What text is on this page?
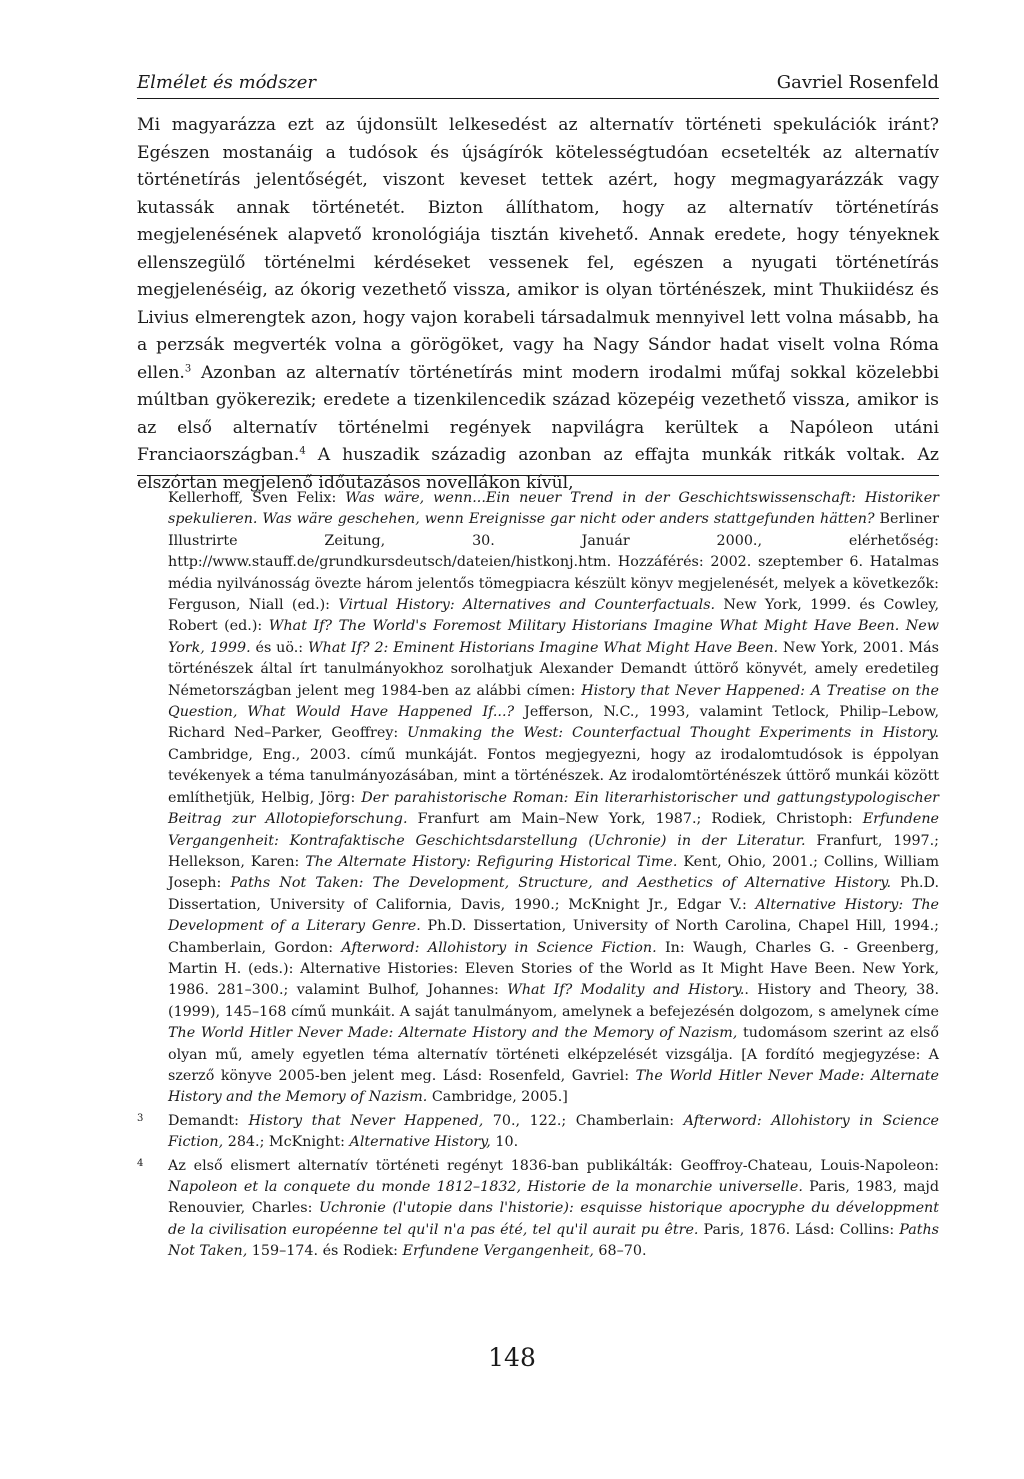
Elmélet és módszer	Gavriel Rosenfeld
Mi magyarázza ezt az újdonsült lelkesedést az alternatív történeti spekulációk iránt? Egészen mostanáig a tudósok és újságírók kötelességtudóan ecsetelték az alternatív történetírás jelentőségét, viszont keveset tettek azért, hogy megmagyarázzák vagy kutassák annak történetét. Bizton állíthatom, hogy az alternatív történetírás megjelenésének alapvető kronológiája tisztán kivehető. Annak eredete, hogy tényeknek ellenszegülő történelmi kérdéseket vessenek fel, egészen a nyugati történetírás megjelenéséig, az ókorig vezethető vissza, amikor is olyan történészek, mint Thukiidész és Livius elmerengtek azon, hogy vajon korabeli társadalmuk mennyivel lett volna másabb, ha a perzsák megverték volna a görögöket, vagy ha Nagy Sándor hadat viselt volna Róma ellen.$^3$ Azonban az alternatív történetírás mint modern irodalmi műfaj sokkal közelebbi múltban gyökerezik; eredete a tizenkilencedik század közepéig vezethető vissza, amikor is az első alternatív történelmi regények napvilágra kerültek a Napóleon utáni Franciaországban.$^4$ A huszadik századig azonban az effajta munkák ritkák voltak. Az elszórtan megjelenő időutazásos novellákon kívül,
Kellerhoff, Sven Felix: Was wäre, wenn...Ein neuer Trend in der Geschichtswissenschaft: Historiker spekulieren. Was wäre geschehen, wenn Ereignisse gar nicht oder anders stattgefunden hätten? Berliner Illustrirte Zeitung, 30. Január 2000., elérhetőség: http://www.stauff.de/grundkursdeutsch/dateien/histkonj.htm. Hozzáférés: 2002. szeptember 6. Hatalmas média nyilvánosság övezte három jelentős tömegpiacra készült könyv megjelenését, melyek a következők: Ferguson, Niall (ed.): Virtual History: Alternatives and Counterfactuals. New York, 1999. és Cowley, Robert (ed.): What If? The World's Foremost Military Historians Imagine What Might Have Been. New York, 1999. és uö.: What If? 2: Eminent Historians Imagine What Might Have Been. New York, 2001. Más történészek által írt tanulmányokhoz sorolhatjuk Alexander Demandt úttörő könyvét, amely eredetileg Németországban jelent meg 1984-ben az alábbi címen: History that Never Happened: A Treatise on the Question, What Would Have Happened If...? Jefferson, N.C., 1993, valamint Tetlock, Philip–Lebow, Richard Ned–Parker, Geoffrey: Unmaking the West: Counterfactual Thought Experiments in History. Cambridge, Eng., 2003. című munkáját. Fontos megjegyezni, hogy az irodalomtudósok is éppolyan tevékenyek a téma tanulmányozásában, mint a történészek. Az irodalomtörténészek úttörő munkái között említhetjük, Helbig, Jörg: Der parahistorische Roman: Ein literarhistorischer und gattungstypologischer Beitrag zur Allotopieforschung. Franfurt am Main–New York, 1987.; Rodiek, Christoph: Erfundene Vergangenheit: Kontrafaktische Geschichtsdarstellung (Uchronie) in der Literatur. Franfurt, 1997.; Hellekson, Karen: The Alternate History: Refiguring Historical Time. Kent, Ohio, 2001.; Collins, William Joseph: Paths Not Taken: The Development, Structure, and Aesthetics of Alternative History. Ph.D. Dissertation, University of California, Davis, 1990.; McKnight Jr., Edgar V.: Alternative History: The Development of a Literary Genre. Ph.D. Dissertation, University of North Carolina, Chapel Hill, 1994.; Chamberlain, Gordon: Afterword: Allohistory in Science Fiction. In: Waugh, Charles G. - Greenberg, Martin H. (eds.): Alternative Histories: Eleven Stories of the World as It Might Have Been. New York, 1986. 281–300.; valamint Bulhof, Johannes: What If? Modality and History.. History and Theory, 38. (1999), 145–168 című munkáit. A saját tanulmányom, amelynek a befejezésén dolgozom, s amelynek címe The World Hitler Never Made: Alternate History and the Memory of Nazism, tudomásom szerint az első olyan mű, amely egyetlen téma alternatív történeti elképzelését vizsgálja. [A fordító megjegyzése: A szerző könyve 2005-ben jelent meg. Lásd: Rosenfeld, Gavriel: The World Hitler Never Made: Alternate History and the Memory of Nazism. Cambridge, 2005.]
3 Demandt: History that Never Happened, 70., 122.; Chamberlain: Afterword: Allohistory in Science Fiction, 284.; McKnight: Alternative History, 10.
4 Az első elismert alternatív történeti regényt 1836-ban publikálták: Geoffroy-Chateau, Louis-Napoleon: Napoleon et la conquete du monde 1812–1832, Historie de la monarchie universelle. Paris, 1983, majd Renouvier, Charles: Uchronie (l'utopie dans l'historie): esquisse historique apocryphe du développment de la civilisation européenne tel qu'il n'a pas été, tel qu'il aurait pu être. Paris, 1876. Lásd: Collins: Paths Not Taken, 159–174. és Rodiek: Erfundene Vergangenheit, 68–70.
148
